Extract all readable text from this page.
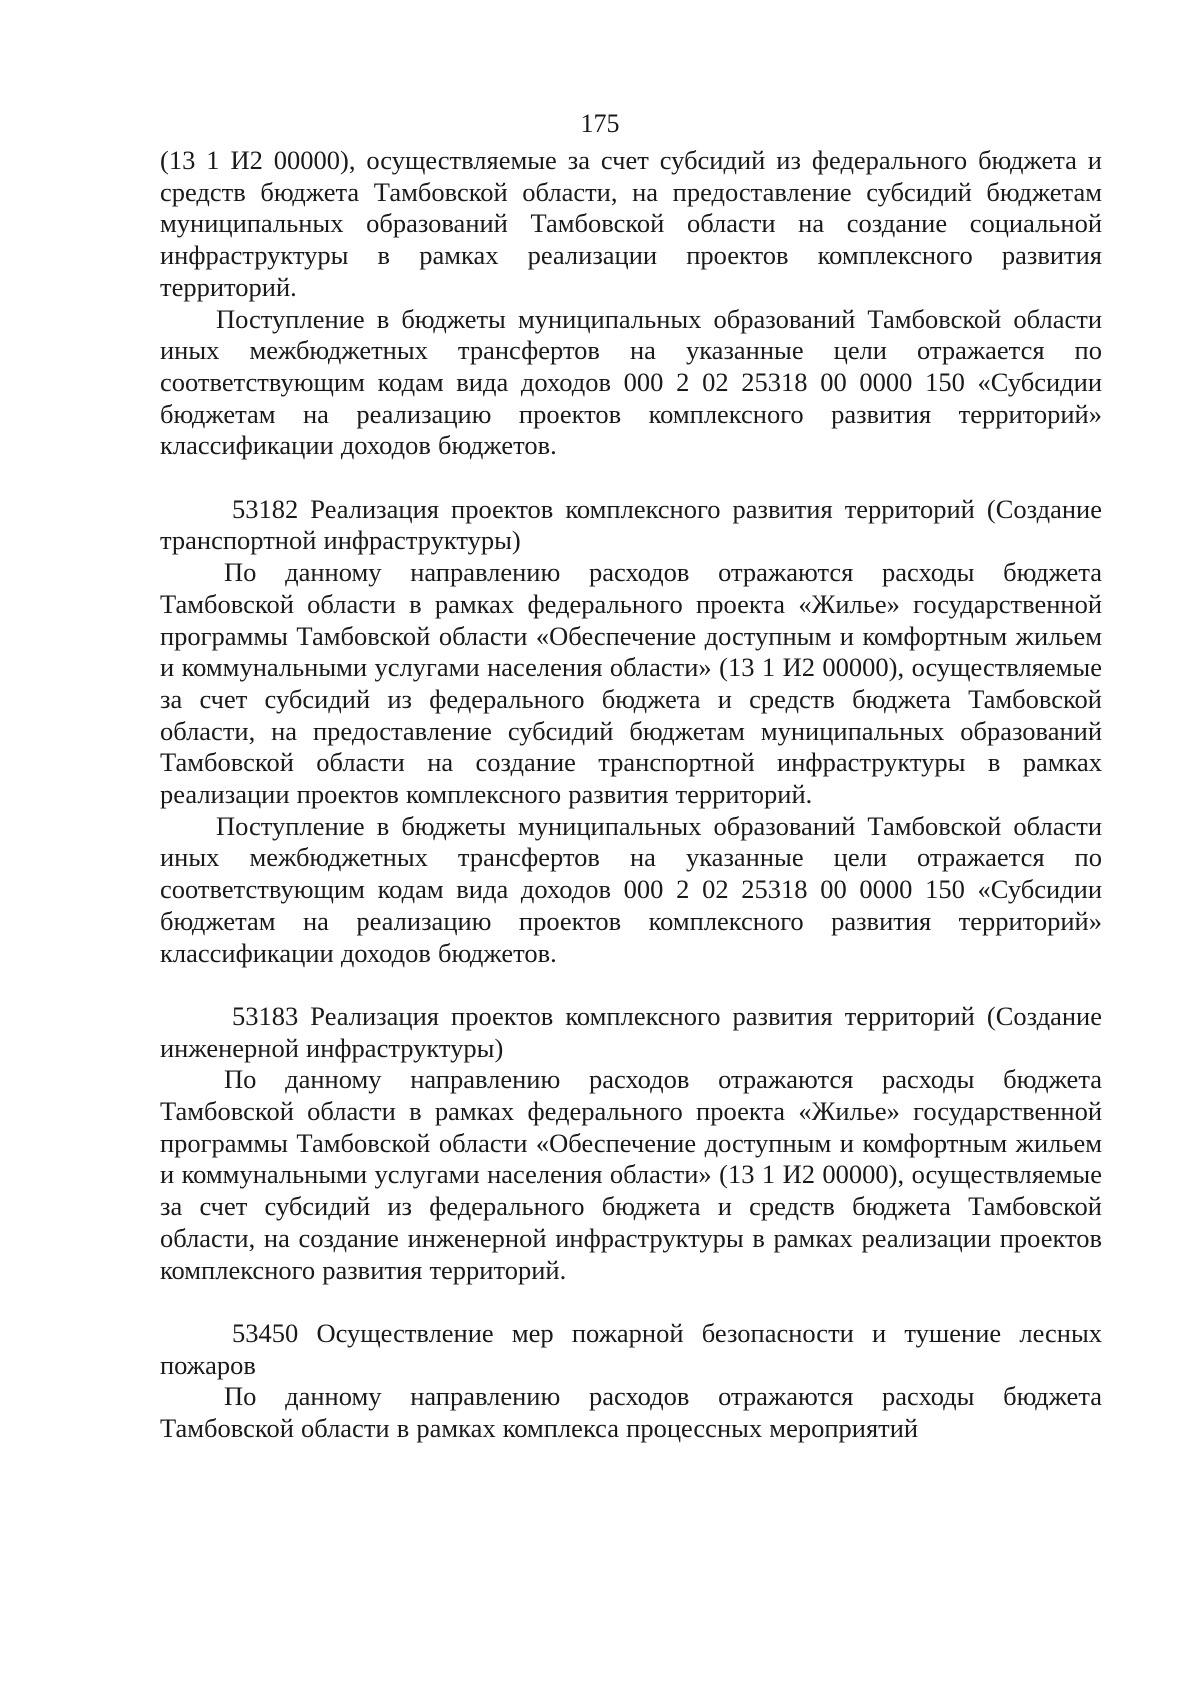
175

(13 1 И2 00000), осуществляемые за счет субсидий из федерального бюджета и средств бюджета Тамбовской области, на предоставление субсидий бюджетам муниципальных образований Тамбовской области на создание социальной инфраструктуры в рамках реализации проектов комплексного развития территорий.

Поступление в бюджеты муниципальных образований Тамбовской области иных межбюджетных трансфертов на указанные цели отражается по соответствующим кодам вида доходов 000 2 02 25318 00 0000 150 «Субсидии бюджетам на реализацию проектов комплексного развития территорий» классификации доходов бюджетов.

53182 Реализация проектов комплексного развития территорий (Создание транспортной инфраструктуры)

По данному направлению расходов отражаются расходы бюджета Тамбовской области в рамках федерального проекта «Жилье» государственной программы Тамбовской области «Обеспечение доступным и комфортным жильем и коммунальными услугами населения области» (13 1 И2 00000), осуществляемые за счет субсидий из федерального бюджета и средств бюджета Тамбовской области, на предоставление субсидий бюджетам муниципальных образований Тамбовской области на создание транспортной инфраструктуры в рамках реализации проектов комплексного развития территорий.

Поступление в бюджеты муниципальных образований Тамбовской области иных межбюджетных трансфертов на указанные цели отражается по соответствующим кодам вида доходов 000 2 02 25318 00 0000 150 «Субсидии бюджетам на реализацию проектов комплексного развития территорий» классификации доходов бюджетов.

53183 Реализация проектов комплексного развития территорий (Создание инженерной инфраструктуры)

По данному направлению расходов отражаются расходы бюджета Тамбовской области в рамках федерального проекта «Жилье» государственной программы Тамбовской области «Обеспечение доступным и комфортным жильем и коммунальными услугами населения области» (13 1 И2 00000), осуществляемые за счет субсидий из федерального бюджета и средств бюджета Тамбовской области, на создание инженерной инфраструктуры в рамках реализации проектов комплексного развития территорий.

53450 Осуществление мер пожарной безопасности и тушение лесных пожаров

По данному направлению расходов отражаются расходы бюджета Тамбовской области в рамках комплекса процессных мероприятий
